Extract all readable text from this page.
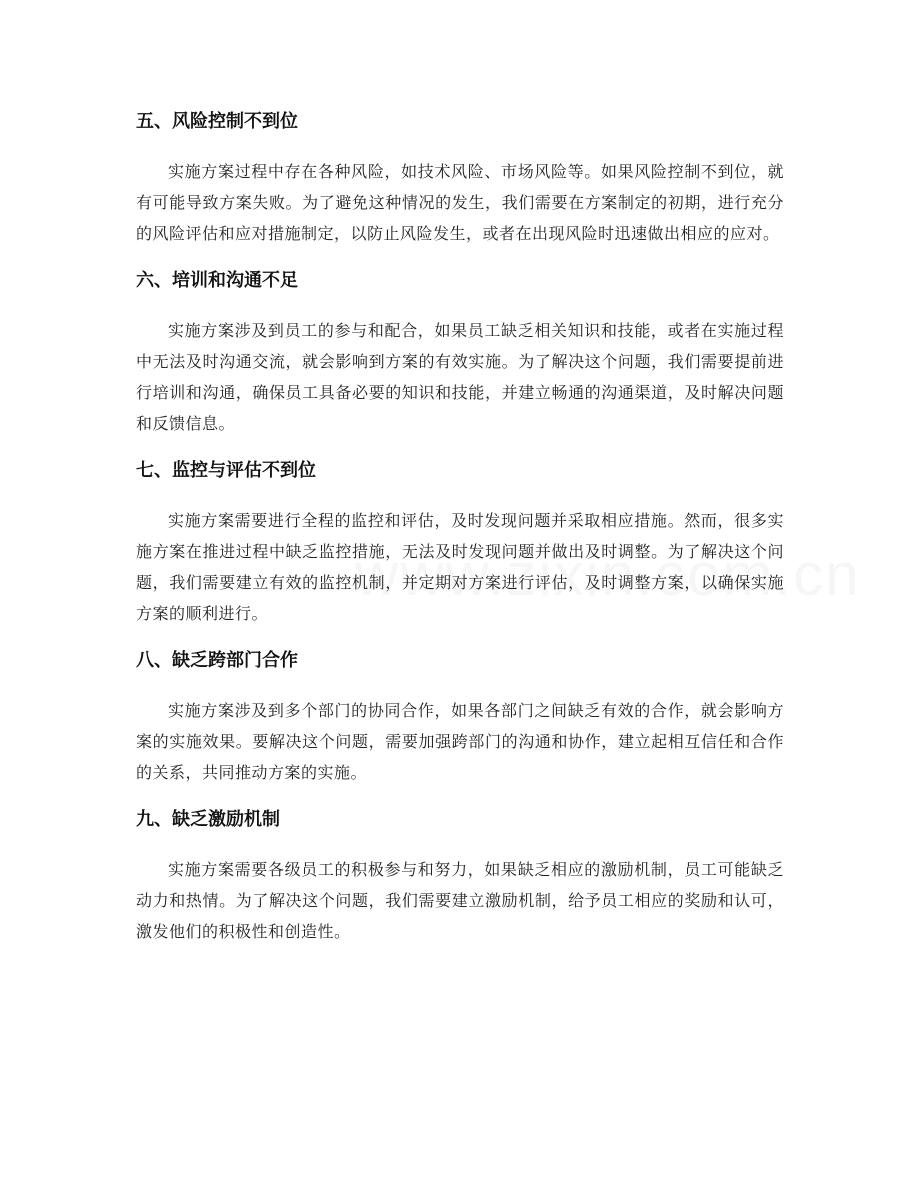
五、风险控制不到位

实施方案过程中存在各种风险，如技术风险、市场风险等。如果风险控制不到位，就有可能导致方案失败。为了避免这种情况的发生，我们需要在方案制定的初期，进行充分的风险评估和应对措施制定，以防止风险发生，或者在出现风险时迅速做出相应的应对。

六、培训和沟通不足

实施方案涉及到员工的参与和配合，如果员工缺乏相关知识和技能，或者在实施过程中无法及时沟通交流，就会影响到方案的有效实施。为了解决这个问题，我们需要提前进行培训和沟通，确保员工具备必要的知识和技能，并建立畅通的沟通渠道，及时解决问题和反馈信息。

七、监控与评估不到位

实施方案需要进行全程的监控和评估，及时发现问题并采取相应措施。然而，很多实施方案在推进过程中缺乏监控措施，无法及时发现问题并做出及时调整。为了解决这个问题，我们需要建立有效的监控机制，并定期对方案进行评估，及时调整方案，以确保实施方案的顺利进行。

八、缺乏跨部门合作

实施方案涉及到多个部门的协同合作，如果各部门之间缺乏有效的合作，就会影响方案的实施效果。要解决这个问题，需要加强跨部门的沟通和协作，建立起相互信任和合作的关系，共同推动方案的实施。

九、缺乏激励机制

实施方案需要各级员工的积极参与和努力，如果缺乏相应的激励机制，员工可能缺乏动力和热情。为了解决这个问题，我们需要建立激励机制，给予员工相应的奖励和认可，激发他们的积极性和创造性。
